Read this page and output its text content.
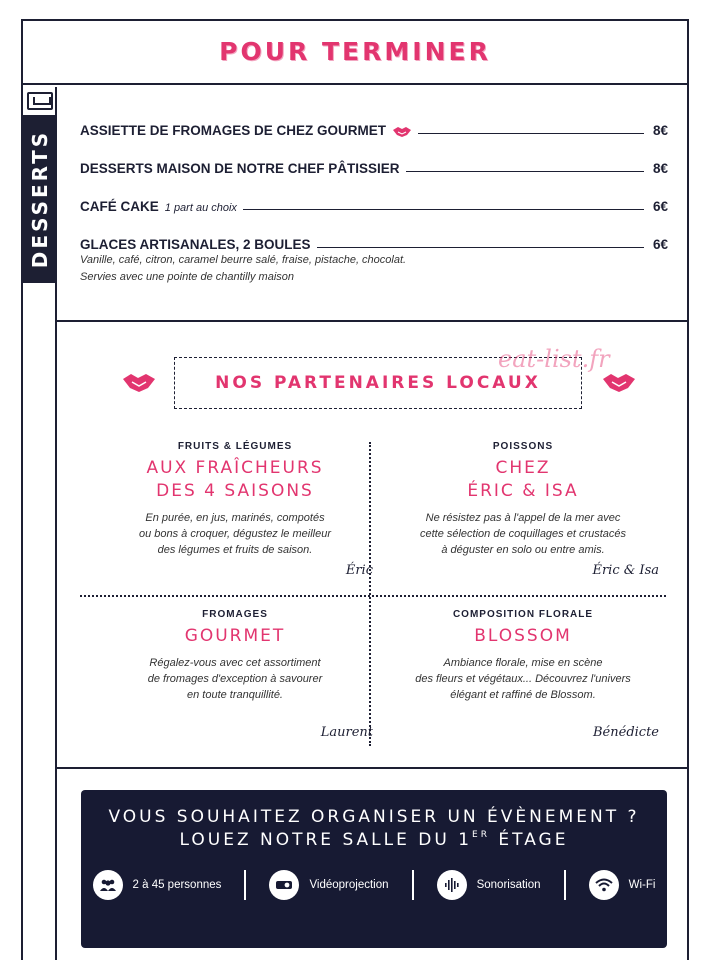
POUR TERMINER
DESSERTS ASSIETTE DE FROMAGES DE CHEZ GOURMET	8€
DESSERTS MAISON DE NOTRE CHEF PÂTISSIER	8€
CAFÉ CAKE 1 part au choix	6€
GLACES ARTISANALES, 2 BOULES	6€
Vanille, café, citron, caramel beurre salé, fraise, pistache, chocolat.
Servies avec une pointe de chantilly maison
NOS PARTENAIRES LOCAUX
eat-list.fr
FRUITS & LÉGUMES
AUX FRAÎCHEURS
DES 4 SAISONS
En purée, en jus, marinés, compotés
ou bons à croquer, dégustez le meilleur
des légumes et fruits de saison.
Éric
POISSONS
CHEZ
ÉRIC & ISA
Ne résistez pas à l'appel de la mer avec
cette sélection de coquillages et crustacés
à déguster en solo ou entre amis.
Éric & Isa
FROMAGES
GOURMET
Régalez-vous avec cet assortiment
de fromages d'exception à savourer
en toute tranquillité.
Laurent
COMPOSITION FLORALE
BLOSSOM
Ambiance florale, mise en scène
des fleurs et végétaux... Découvrez l'univers
élégant et raffiné de Blossom.
Bénédicte
VOUS SOUHAITEZ ORGANISER UN ÉVÈNEMENT ?
LOUEZ NOTRE SALLE DU 1ER ÉTAGE
2 à 45 personnes	Vidéoprojection	Sonorisation	Wi-Fi
